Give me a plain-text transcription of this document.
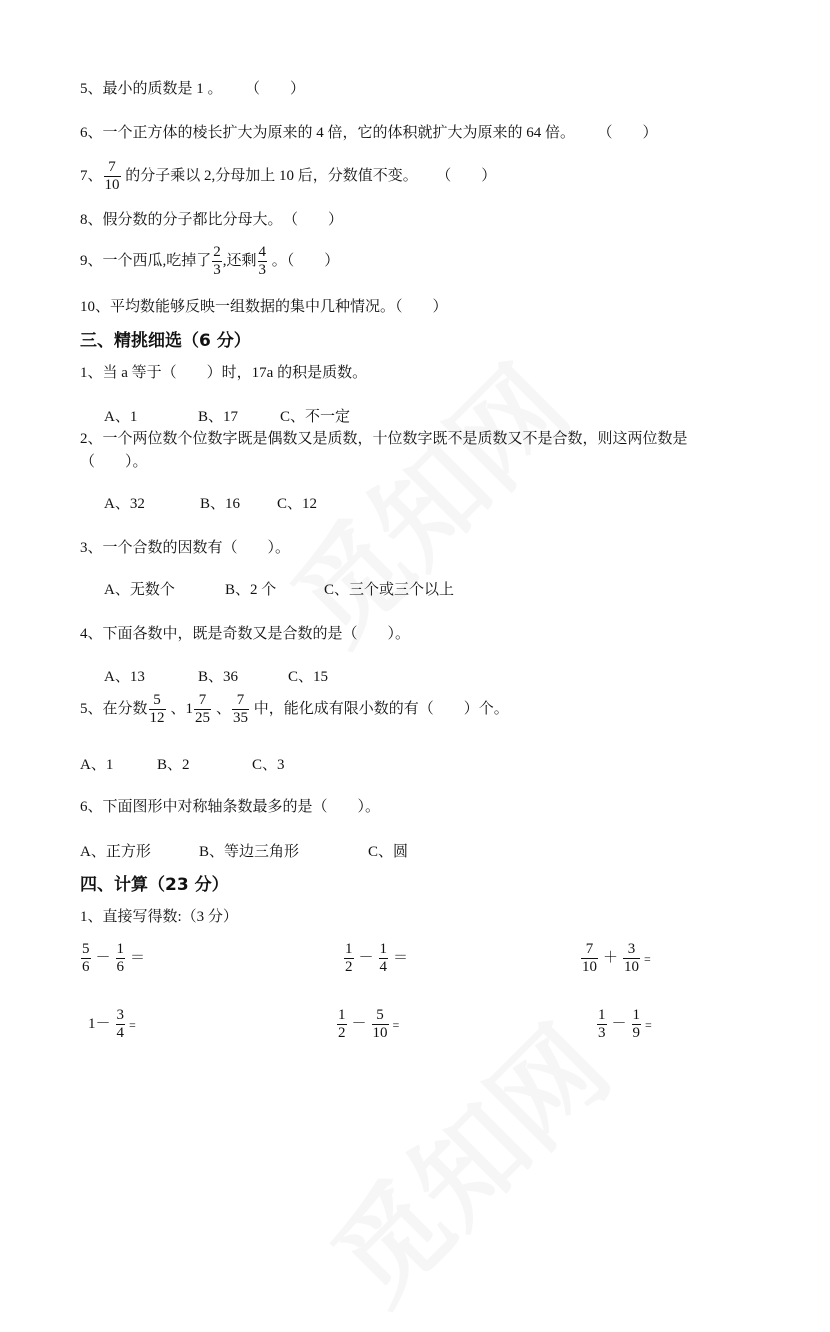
5、最小的质数是 1 。 （　　）
6、一个正方体的棱长扩大为原来的 4 倍，它的体积就扩大为原来的 64 倍。 （　　）
7、 $\frac{7}{10}$ 的分子乘以 2,分母加上 10 后，分数值不变。 （　　）
8、假分数的分子都比分母大。 （　　）
9、一个西瓜,吃掉了 $\frac{2}{3}$ ,还剩 $\frac{4}{3}$ 。（　　）
10、平均数能够反映一组数据的集中几种情况。（　　）
三、精挑细选（6 分）
1、当 a 等于（　　）时，17a 的积是质数。
A、1	B、17	C、不一定
2、一个两位数个位数字既是偶数又是质数，十位数字既不是质数又不是合数，则这两位数是
（　　）。
A、32	B、16 C、12
3、一个合数的因数有（　　）。
A、无数个	B、2 个	C、三个或三个以上
4、下面各数中，既是奇数又是合数的是（　　）。
A、13	B、36	C、15
5、在分数 $\frac{5}{12}$ 、$1 \frac{7}{25}$ 、 $\frac{7}{35}$ 中，能化成有限小数的有（　　）个。
A、1	B、2	C、3
6、下面图形中对称轴条数最多的是（　　）。
A、正方形	B、等边三角形	C、圆
四、计算（23 分）
1、直接写得数:（3 分）
$\frac{5}{6} - \frac{1}{6}$ ＝	$\frac{1}{2} - \frac{1}{4}$ ＝	$\frac{7}{10} + \frac{3}{10}$ =
$1- \frac{3}{4}$ =	$\frac{1}{2} - \frac{5}{10}$ =	$\frac{1}{3} - \frac{1}{9}$ =
